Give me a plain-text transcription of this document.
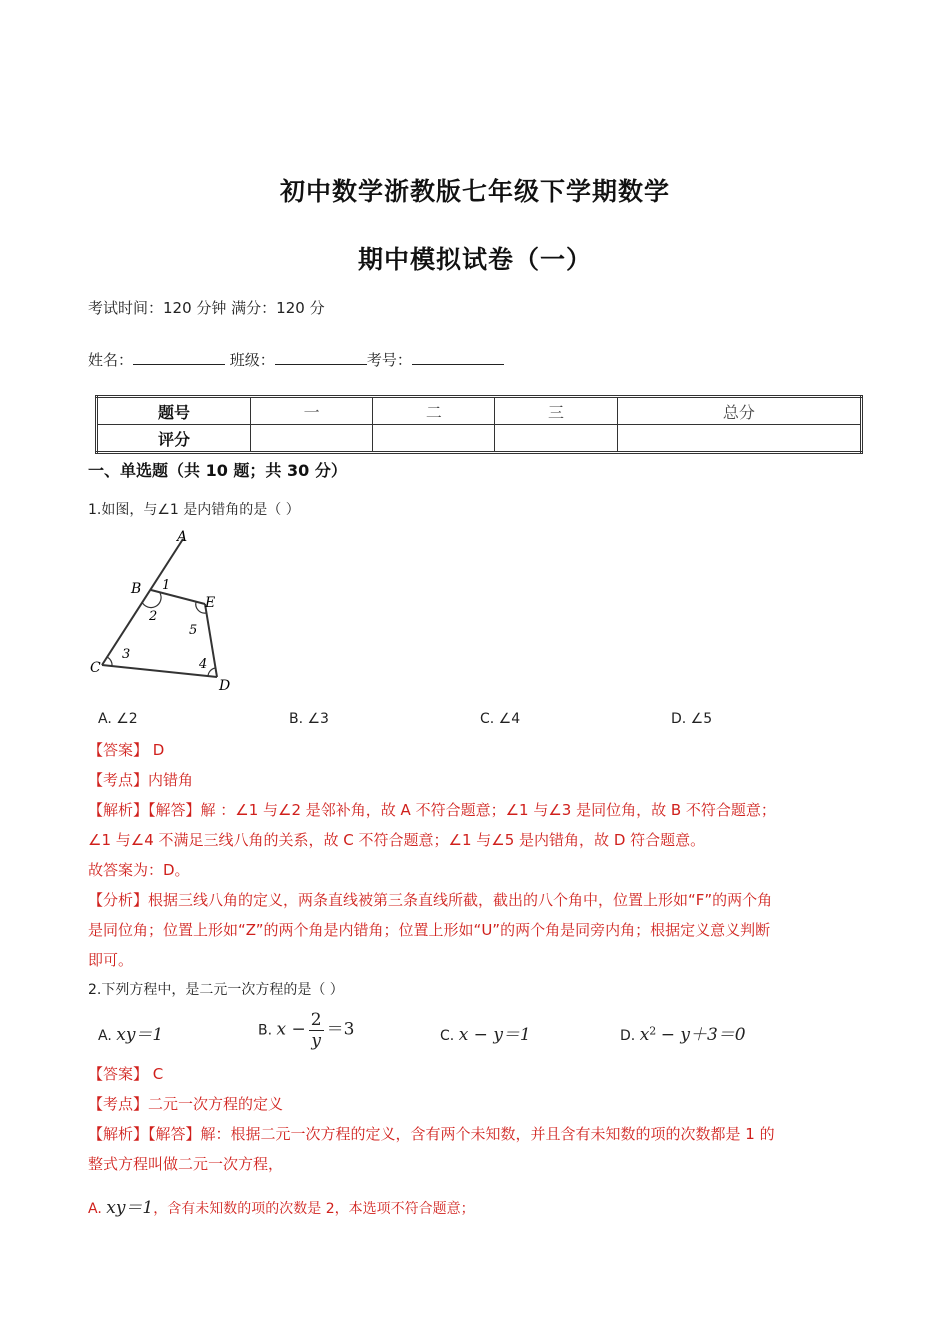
初中数学浙教版七年级下学期数学
期中模拟试卷（一）
考试时间：120 分钟 满分：120 分
姓名：	班级：	考号：
题号	一	二	三	总分
评分				
一、单选题（共 10 题；共 30 分）
1.如图，与∠1 是内错角的是（ ）
A
B 1
E
2
5
3
4
C
D
A. ∠2	B. ∠3	C. ∠4	D. ∠5
【答案】 D
【考点】内错角
【解析】【解答】解 ：∠1 与∠2 是邻补角，故 A 不符合题意；∠1 与∠3 是同位角，故 B 不符合题意；
∠1 与∠4 不满足三线八角的关系，故 C 不符合题意；∠1 与∠5 是内错角，故 D 符合题意。
故答案为：D。
【分析】根据三线八角的定义，两条直线被第三条直线所截，截出的八个角中，位置上形如“F”的两个角
是同位角；位置上形如“Z”的两个角是内错角；位置上形如“U”的两个角是同旁内角；根据定义意义判断
即可。
2.下列方程中，是二元一次方程的是（ ）
A. xy＝1	B. $x - \frac{2}{y} =3$	C. x − y＝1	D. $x^2 - y+3=0$
【答案】 C
【考点】二元一次方程的定义
【解析】【解答】解：根据二元一次方程的定义，含有两个未知数，并且含有未知数的项的次数都是 1 的
整式方程叫做二元一次方程，
A. xy＝1，含有未知数的项的次数是 2，本选项不符合题意；
